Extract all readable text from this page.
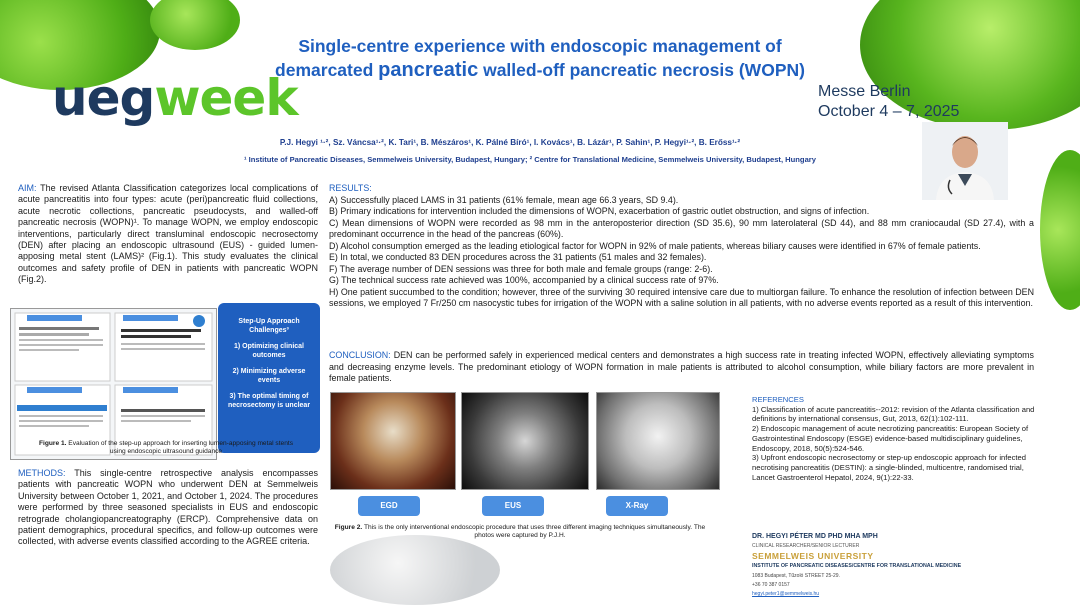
Single-centre experience with endoscopic management of
demarcated pancreatic walled-off pancreatic necrosis (WOPN)
uegweek	Messe Berlin
October 4 – 7, 2025
P.J. Hegyi ¹·², Sz. Váncsa¹·², K. Tari¹, B. Mészáros¹, K. Pálné Bíró¹, I. Kovács¹, B. Lázár¹, P. Sahin¹, P. Hegyi¹·², B. Erőss¹·²
¹ Institute of Pancreatic Diseases, Semmelweis University, Budapest, Hungary; ² Centre for Translational Medicine, Semmelweis University, Budapest, Hungary
AIM: The revised Atlanta Classification categorizes local complications of acute pancreatitis into four types: acute (peri)pancreatic fluid collections, acute necrotic collections, pancreatic pseudocysts, and walled-off pancreatic necrosis (WOPN)¹. To manage WOPN, we employ endoscopic interventions, particularly direct transluminal endoscopic necrosectomy (DEN) after placing an endoscopic ultrasound (EUS) - guided lumen-apposing metal stent (LAMS)² (Fig.1). This study evaluates the clinical outcomes and safety profile of DEN in patients with pancreatic WOPN (Fig.2).
Step-Up Approach Challenges³
1) Optimizing clinical outcomes
2) Minimizing adverse events
3) The optimal timing of necrosectomy is unclear
Figure 1. Evaluation of the step-up approach for inserting lumen-apposing metal stents using endoscopic ultrasound guidance
METHODS: This single-centre retrospective analysis encompasses patients with pancreatic WOPN who underwent DEN at Semmelweis University between October 1, 2021, and October 1, 2024. The procedures were performed by three seasoned specialists in EUS and endoscopic retrograde cholangiopancreatography (ERCP). Comprehensive data on patient demographics, procedural specifics, and follow-up outcomes were collected, with adverse events classified according to the AGREE criteria.
RESULTS:
A) Successfully placed LAMS in 31 patients (61% female, mean age 66.3 years, SD 9.4).
B) Primary indications for intervention included the dimensions of WOPN, exacerbation of gastric outlet obstruction, and signs of infection.
C) Mean dimensions of WOPN were recorded as 98 mm in the anteroposterior direction (SD 35.6), 90 mm laterolateral (SD 44), and 88 mm craniocaudal (SD 27.4), with a predominant occurrence in the head of the pancreas (60%).
D) Alcohol consumption emerged as the leading etiological factor for WOPN in 92% of male patients, whereas biliary causes were identified in 67% of female patients.
E) In total, we conducted 83 DEN procedures across the 31 patients (51 males and 32 females).
F) The average number of DEN sessions was three for both male and female groups (range: 2-6).
G) The technical success rate achieved was 100%, accompanied by a clinical success rate of 97%.
H) One patient succumbed to the condition; however, three of the surviving 30 required intensive care due to multiorgan failure. To enhance the resolution of infection between DEN sessions, we employed 7 Fr/250 cm nasocystic tubes for irrigation of the WOPN with a saline solution in all patients, with no adverse events reported as a result of this intervention.
CONCLUSION: DEN can be performed safely in experienced medical centers and demonstrates a high success rate in treating infected WOPN, effectively alleviating symptoms and decreasing enzyme levels. The predominant etiology of WOPN formation in male patients is attributed to alcohol consumption, while biliary factors are more prevalent in female patients.
EGD	EUS	X-Ray
Figure 2. This is the only interventional endoscopic procedure that uses three different imaging techniques simultaneously. The photos were captured by P.J.H.
REFERENCES
1) Classification of acute pancreatitis--2012: revision of the Atlanta classification and definitions by international consensus, Gut, 2013, 62(1):102-111.
2) Endoscopic management of acute necrotizing pancreatitis: European Society of Gastrointestinal Endoscopy (ESGE) evidence-based multidisciplinary guidelines, Endoscopy, 2018, 50(5):524-546.
3) Upfront endoscopic necrosectomy or step-up endoscopic approach for infected necrotising pancreatitis (DESTIN): a single-blinded, multicentre, randomised trial, Lancet Gastroenterol Hepatol, 2024, 9(1):22-33.
DR. HEGYI PÉTER MD PHD MHA MPH
CLINICAL RESEARCHER/SENIOR LECTURER
SEMMELWEIS UNIVERSITY
INSTITUTE OF PANCREATIC DISEASES/CENTRE FOR TRANSLATIONAL MEDICINE
1083 Budapest, Tűzoló STREET 25-29.
+36 70 387 0157
hegyi.peter1@semmelweis.hu
